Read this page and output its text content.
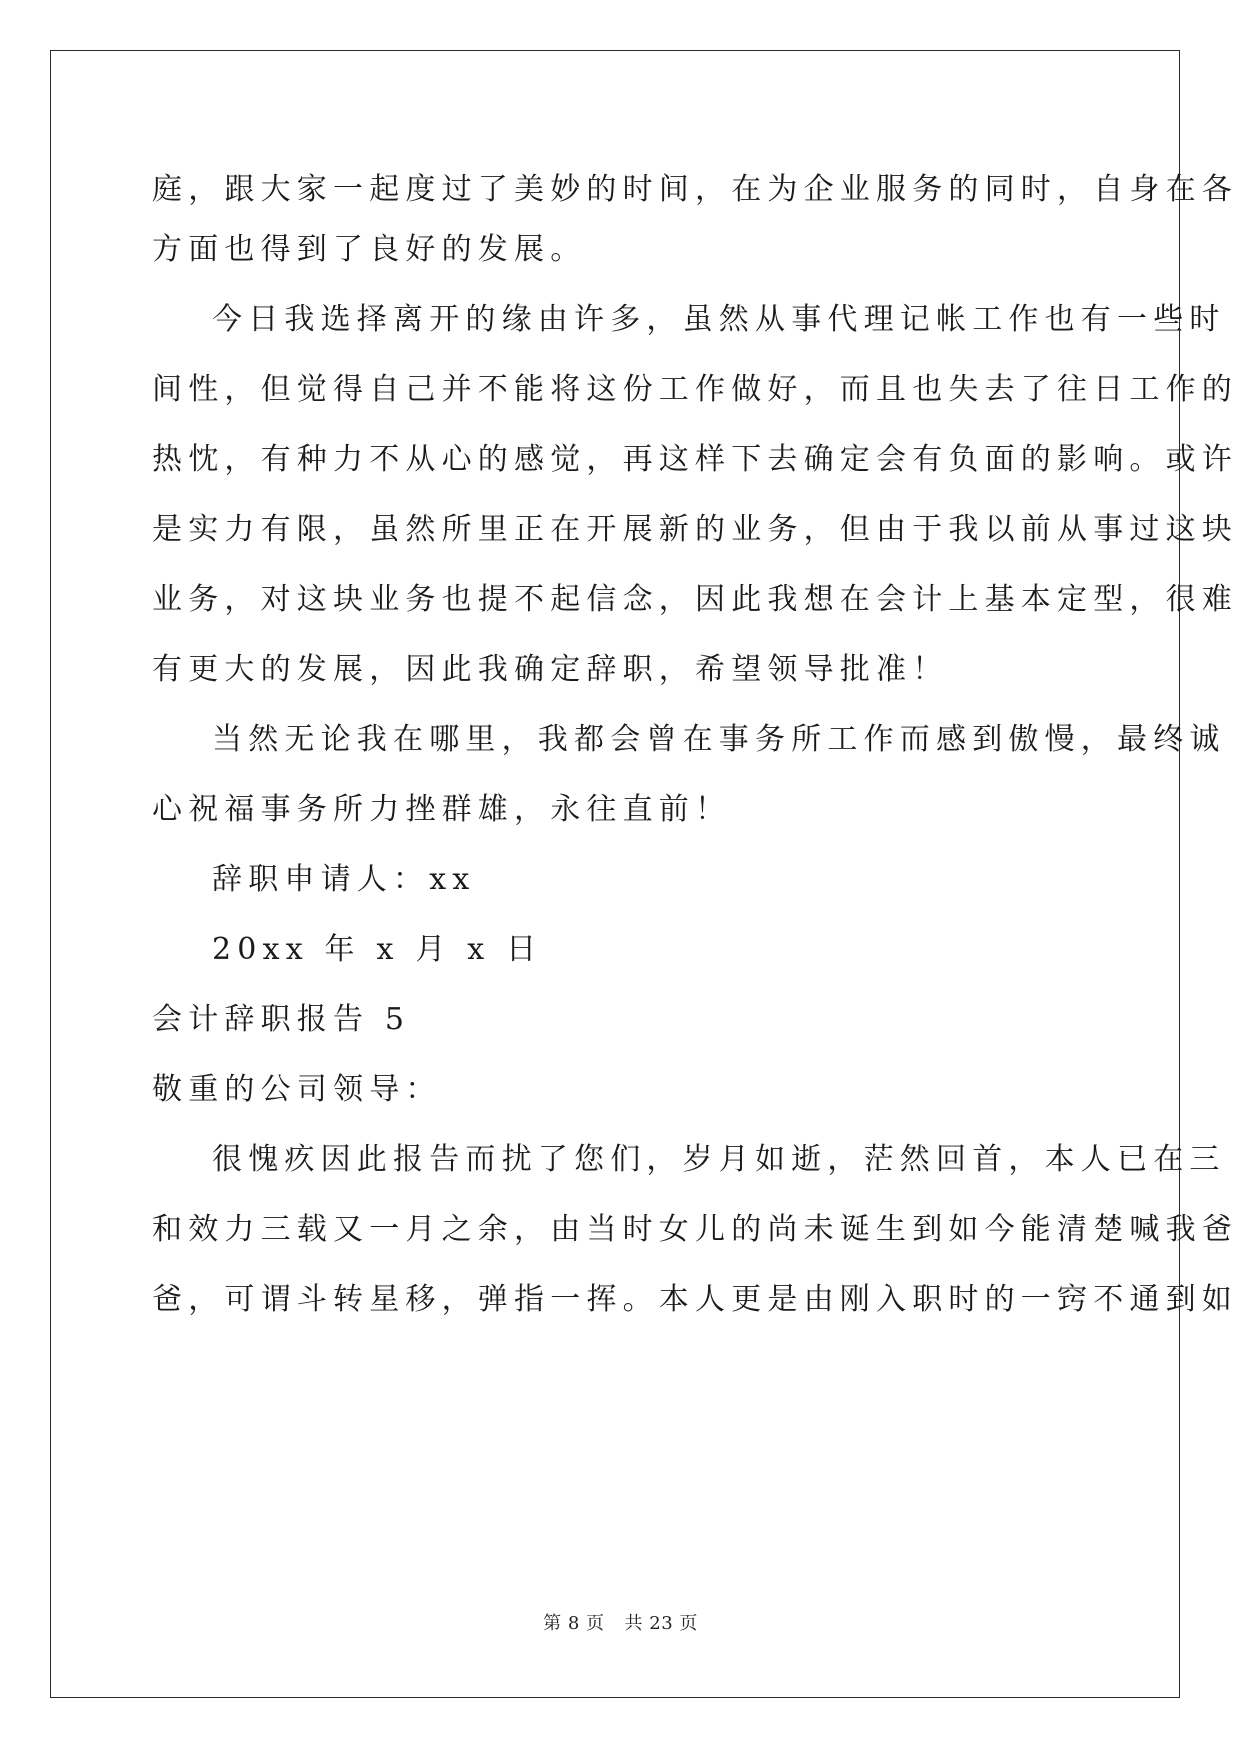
庭，跟大家一起度过了美妙的时间，在为企业服务的同时，自身在各
方面也得到了良好的发展。
今日我选择离开的缘由许多，虽然从事代理记帐工作也有一些时
间性，但觉得自己并不能将这份工作做好，而且也失去了往日工作的
热忱，有种力不从心的感觉，再这样下去确定会有负面的影响。或许
是实力有限，虽然所里正在开展新的业务，但由于我以前从事过这块
业务，对这块业务也提不起信念，因此我想在会计上基本定型，很难
有更大的发展，因此我确定辞职，希望领导批准！
当然无论我在哪里，我都会曾在事务所工作而感到傲慢，最终诚
心祝福事务所力挫群雄，永往直前！
辞职申请人：xx
20xx 年 x 月 x 日
会计辞职报告 5
敬重的公司领导：
很愧疚因此报告而扰了您们，岁月如逝，茫然回首，本人已在三
和效力三载又一月之余，由当时女儿的尚未诞生到如今能清楚喊我爸
爸，可谓斗转星移，弹指一挥。本人更是由刚入职时的一窍不通到如
第 8 页 共 23 页
